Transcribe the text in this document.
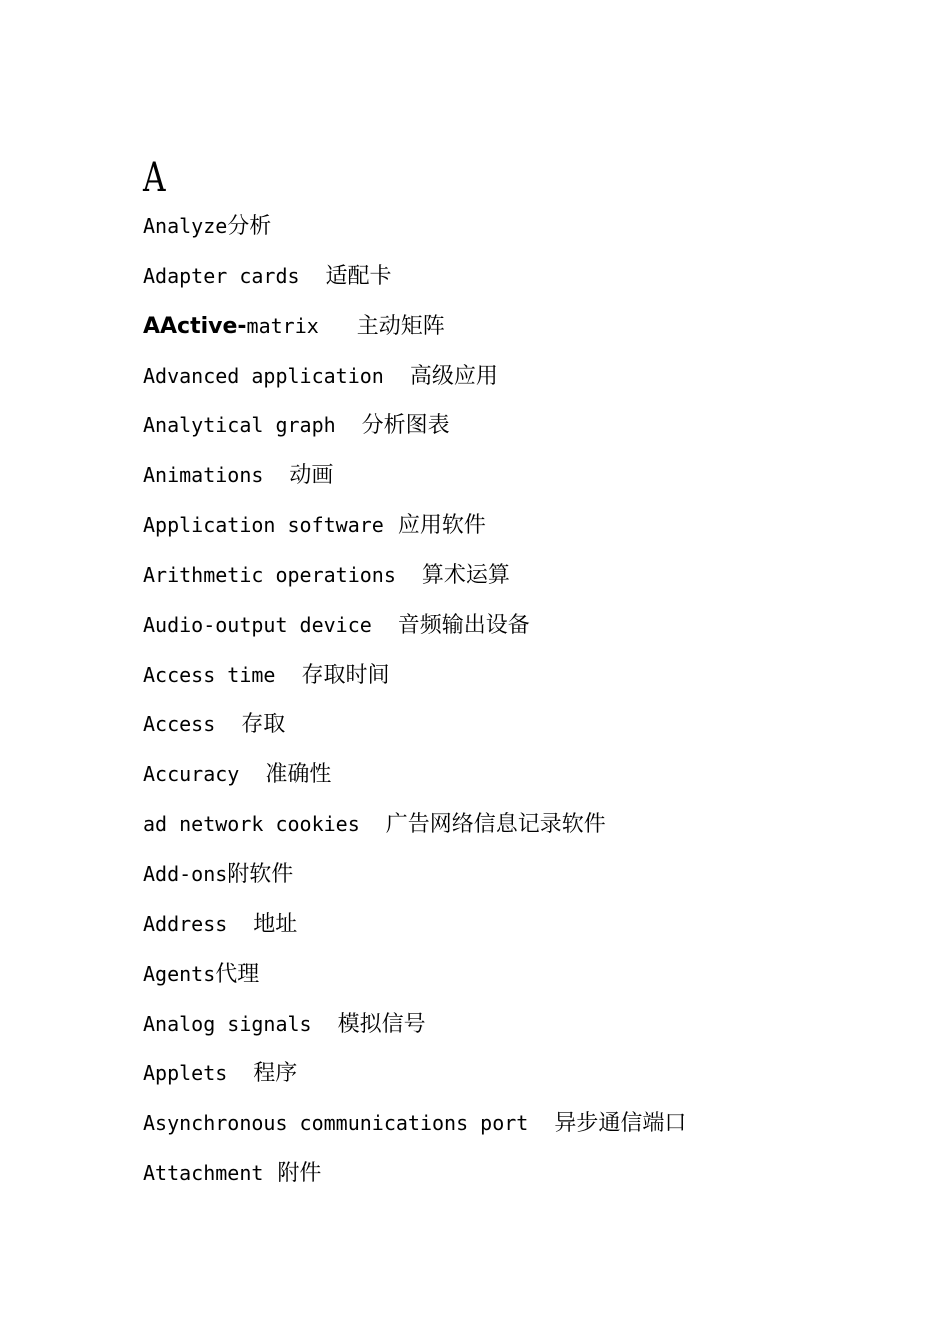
A
Analyze分析
Adapter cards 适配卡
AActive-matrix 主动矩阵
Advanced application 高级应用
Analytical graph 分析图表
Animations 动画
Application software 应用软件
Arithmetic operations 算术运算
Audio-output device 音频输出设备
Access time 存取时间
Access 存取
Accuracy 准确性
ad network cookies 广告网络信息记录软件
Add-ons附软件
Address 地址
Agents代理
Analog signals 模拟信号
Applets 程序
Asynchronous communications port 异步通信端口
Attachment 附件
